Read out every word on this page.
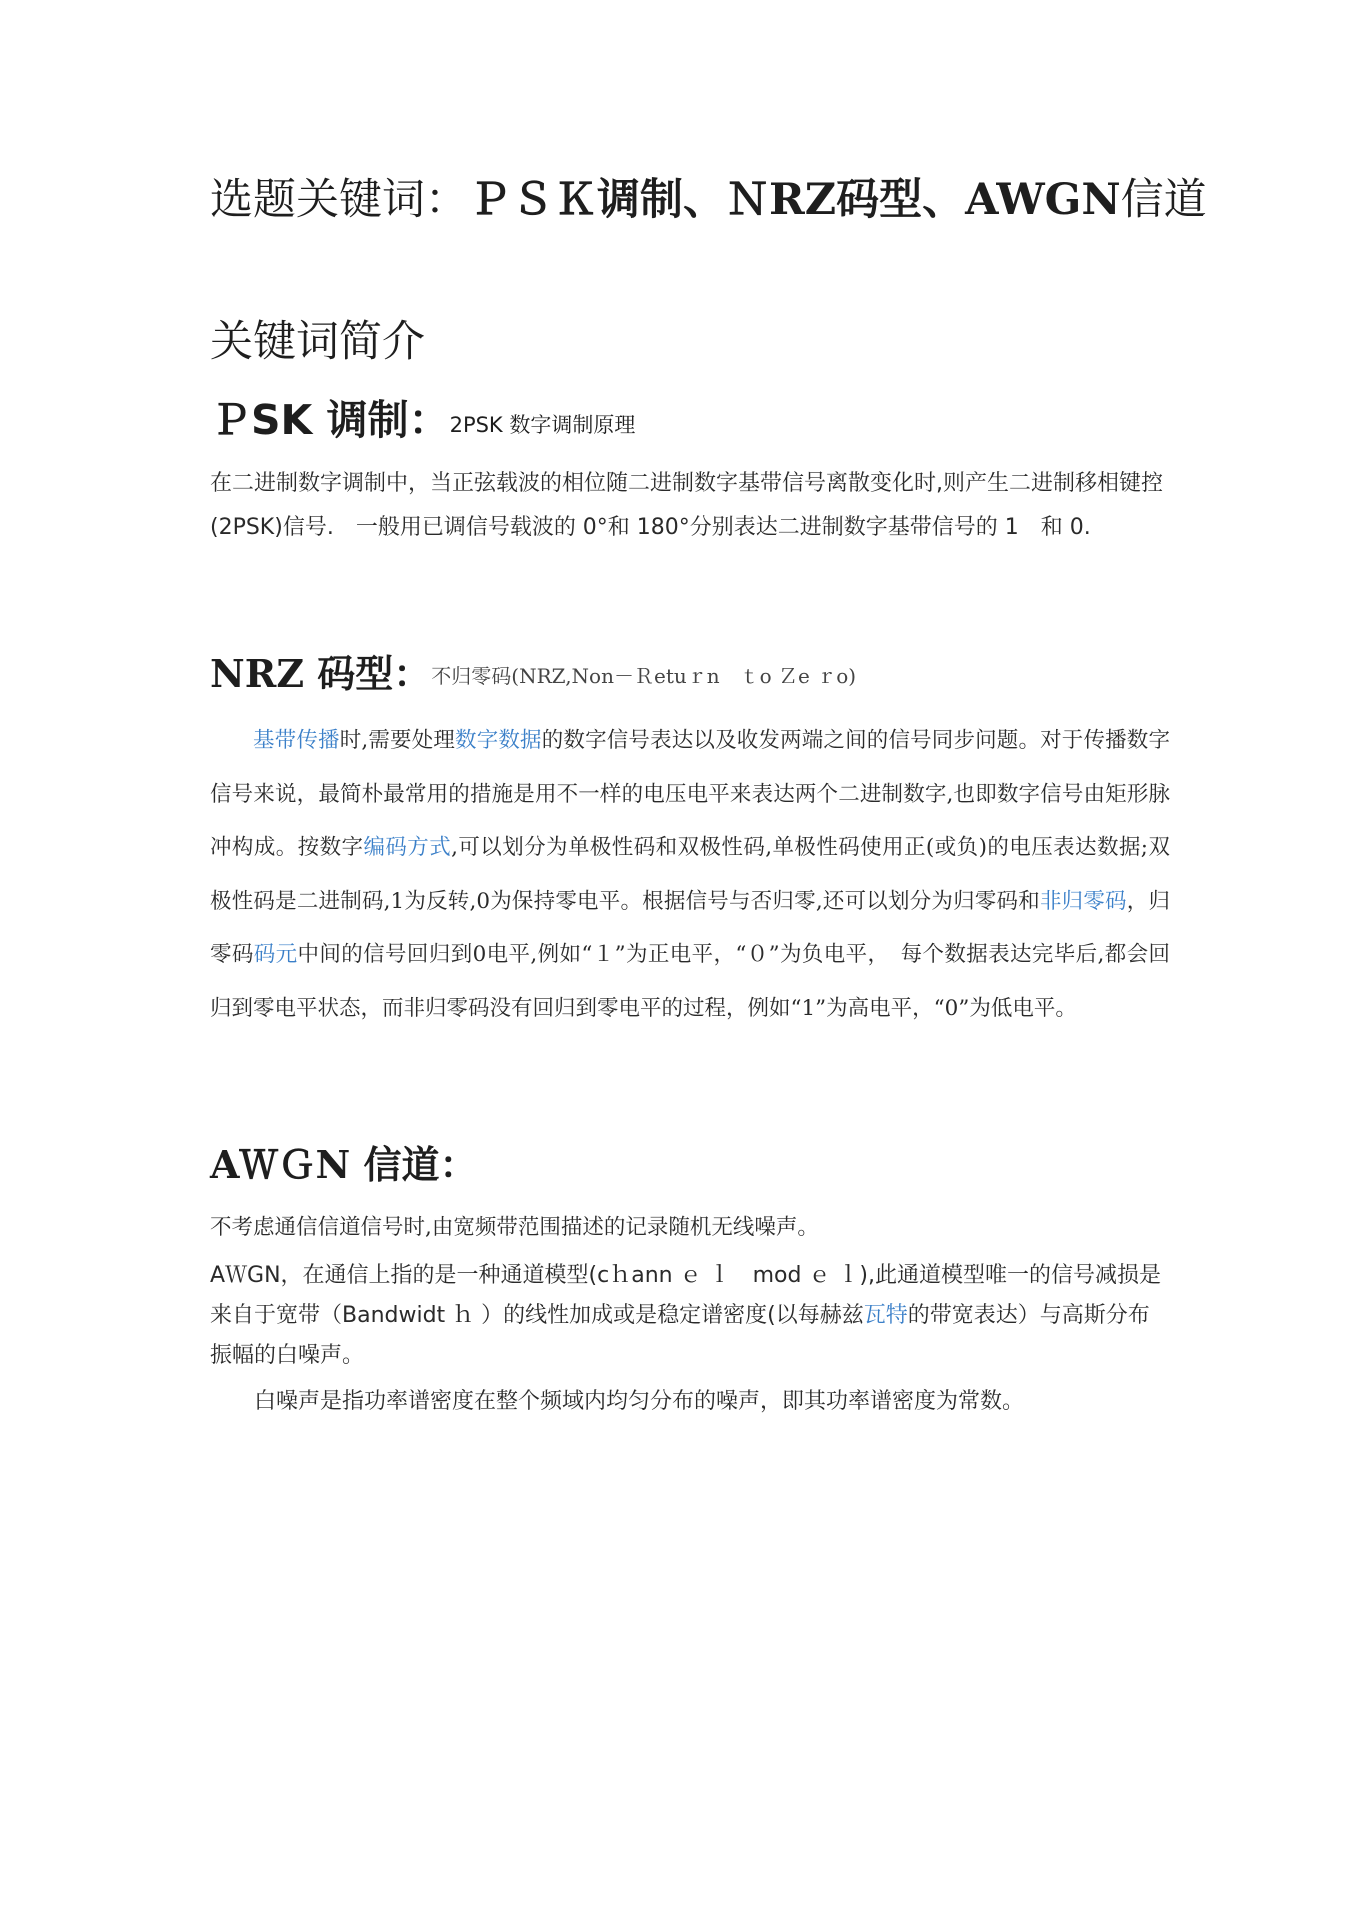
选题关键词：ＰＳＫ调制、ＮRZ码型、AWGN信道
关键词简介
ＰSK 调制：2PSK 数字调制原理
在二进制数字调制中，当正弦载波的相位随二进制数字基带信号离散变化时,则产生二进制移相键控(2PSK)信号.　一般用已调信号载波的 0°和 180°分别表达二进制数字基带信号的 1　和 0.
NRZ 码型：$^{不归零码(NRZ,Non-Return to Ze ro)}$

基带传播时,需要处理数字数据的数字信号表达以及收发两端之间的信号同步问题。对于传播数字信号来说，最简朴最常用的措施是用不一样的电压电平来表达两个二进制数字,也即数字信号由矩形脉冲构成。按数字编码方式,可以划分为单极性码和双极性码,单极性码使用正(或负)的电压表达数据;双极性码是二进制码,1为反转,0为保持零电平。根据信号与否归零,还可以划分为归零码和非归零码，归零码码元中间的信号回归到0电平,例如“１”为正电平，“０”为负电平，　每个数据表达完毕后,都会回归到零电平状态，而非归零码没有回归到零电平的过程，例如“1”为高电平，“0”为低电平。

AＷＧN 信道：
不考虑通信信道信号时,由宽频带范围描述的记录随机无线噪声。
AＷGN，在通信上指的是一种通道模型(cｈann ｅ ｌ　mod ｅ ｌ),此通道模型唯一的信号减损是来自于宽带（Bandwidt ｈ ）的线性加成或是稳定谱密度(以每赫兹瓦特的带宽表达）与高斯分布振幅的白噪声。
白噪声是指功率谱密度在整个频域内均匀分布的噪声，即其功率谱密度为常数。
